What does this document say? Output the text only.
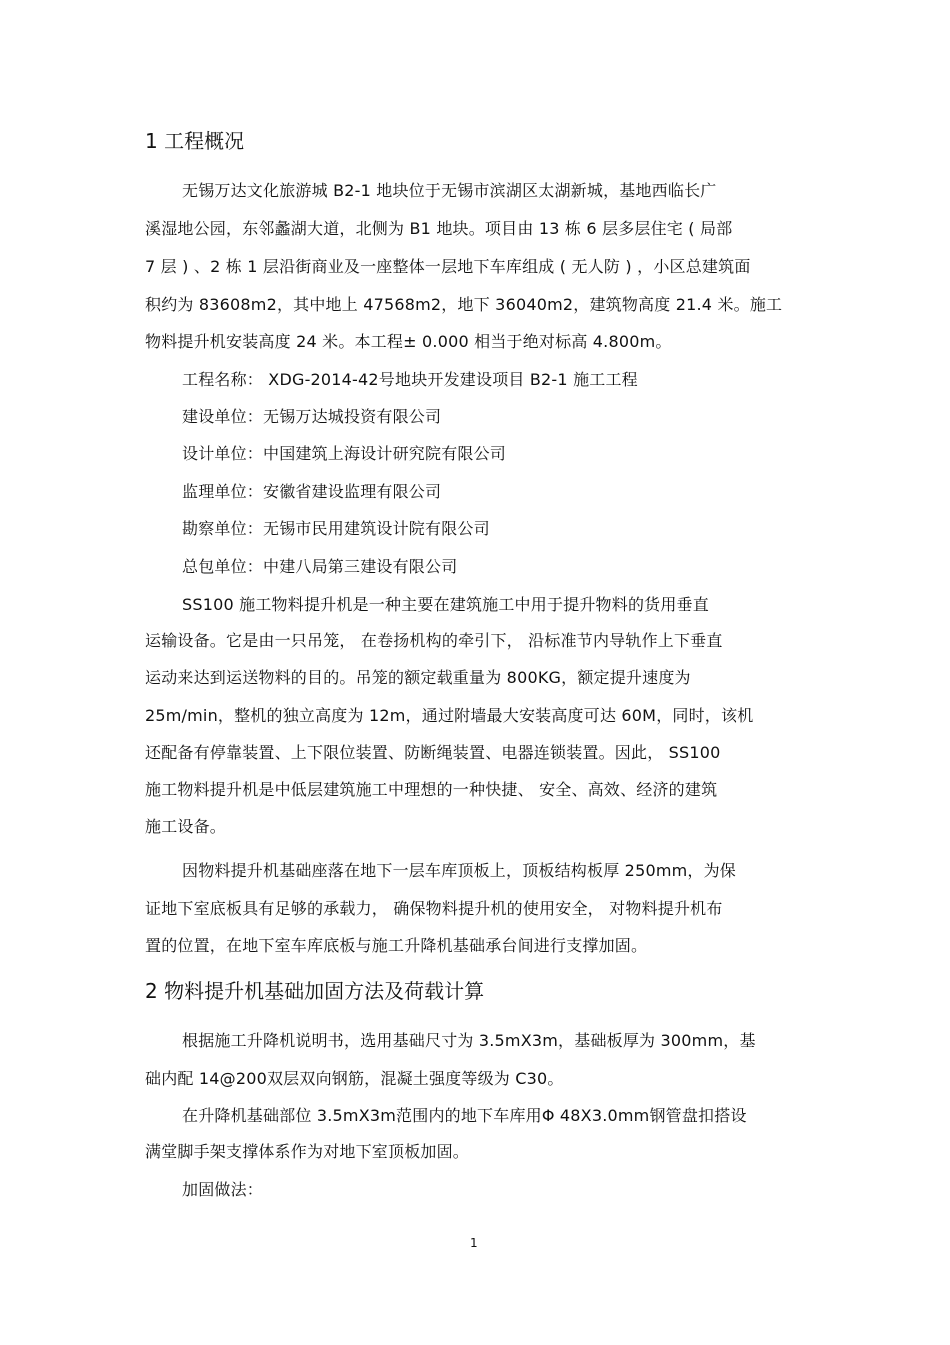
1 工程概况
无锡万达文化旅游城 B2-1 地块位于无锡市滨湖区太湖新城，基地西临长广
溪湿地公园，东邻蠡湖大道，北侧为 B1 地块。项目由 13 栋 6 层多层住宅 ( 局部
7 层 ) 、2 栋 1 层沿街商业及一座整体一层地下车库组成 ( 无人防 ) ，小区总建筑面
积约为 83608m2，其中地上 47568m2，地下 36040m2，建筑物高度 21.4 米。施工
物料提升机安装高度 24 米。本工程± 0.000 相当于绝对标高 4.800m。
工程名称： XDG-2014-42号地块开发建设项目 B2-1 施工工程
建设单位：无锡万达城投资有限公司
设计单位：中国建筑上海设计研究院有限公司
监理单位：安徽省建设监理有限公司
勘察单位：无锡市民用建筑设计院有限公司
总包单位：中建八局第三建设有限公司
SS100 施工物料提升机是一种主要在建筑施工中用于提升物料的货用垂直
运输设备。它是由一只吊笼， 在卷扬机构的牵引下， 沿标准节内导轨作上下垂直
运动来达到运送物料的目的。吊笼的额定载重量为 800KG，额定提升速度为
25m/min，整机的独立高度为 12m，通过附墙最大安装高度可达 60M，同时，该机
还配备有停靠装置、上下限位装置、防断绳装置、电器连锁装置。因此， SS100
施工物料提升机是中低层建筑施工中理想的一种快捷、 安全、高效、经济的建筑
施工设备。
因物料提升机基础座落在地下一层车库顶板上，顶板结构板厚 250mm，为保
证地下室底板具有足够的承载力， 确保物料提升机的使用安全， 对物料提升机布
置的位置，在地下室车库底板与施工升降机基础承台间进行支撑加固。
2 物料提升机基础加固方法及荷载计算
根据施工升降机说明书，选用基础尺寸为 3.5mX3m，基础板厚为 300mm，基
础内配 14@200双层双向钢筋，混凝土强度等级为 C30。
在升降机基础部位 3.5mX3m范围内的地下车库用Φ 48X3.0mm钢管盘扣搭设
满堂脚手架支撑体系作为对地下室顶板加固。
加固做法：
1
